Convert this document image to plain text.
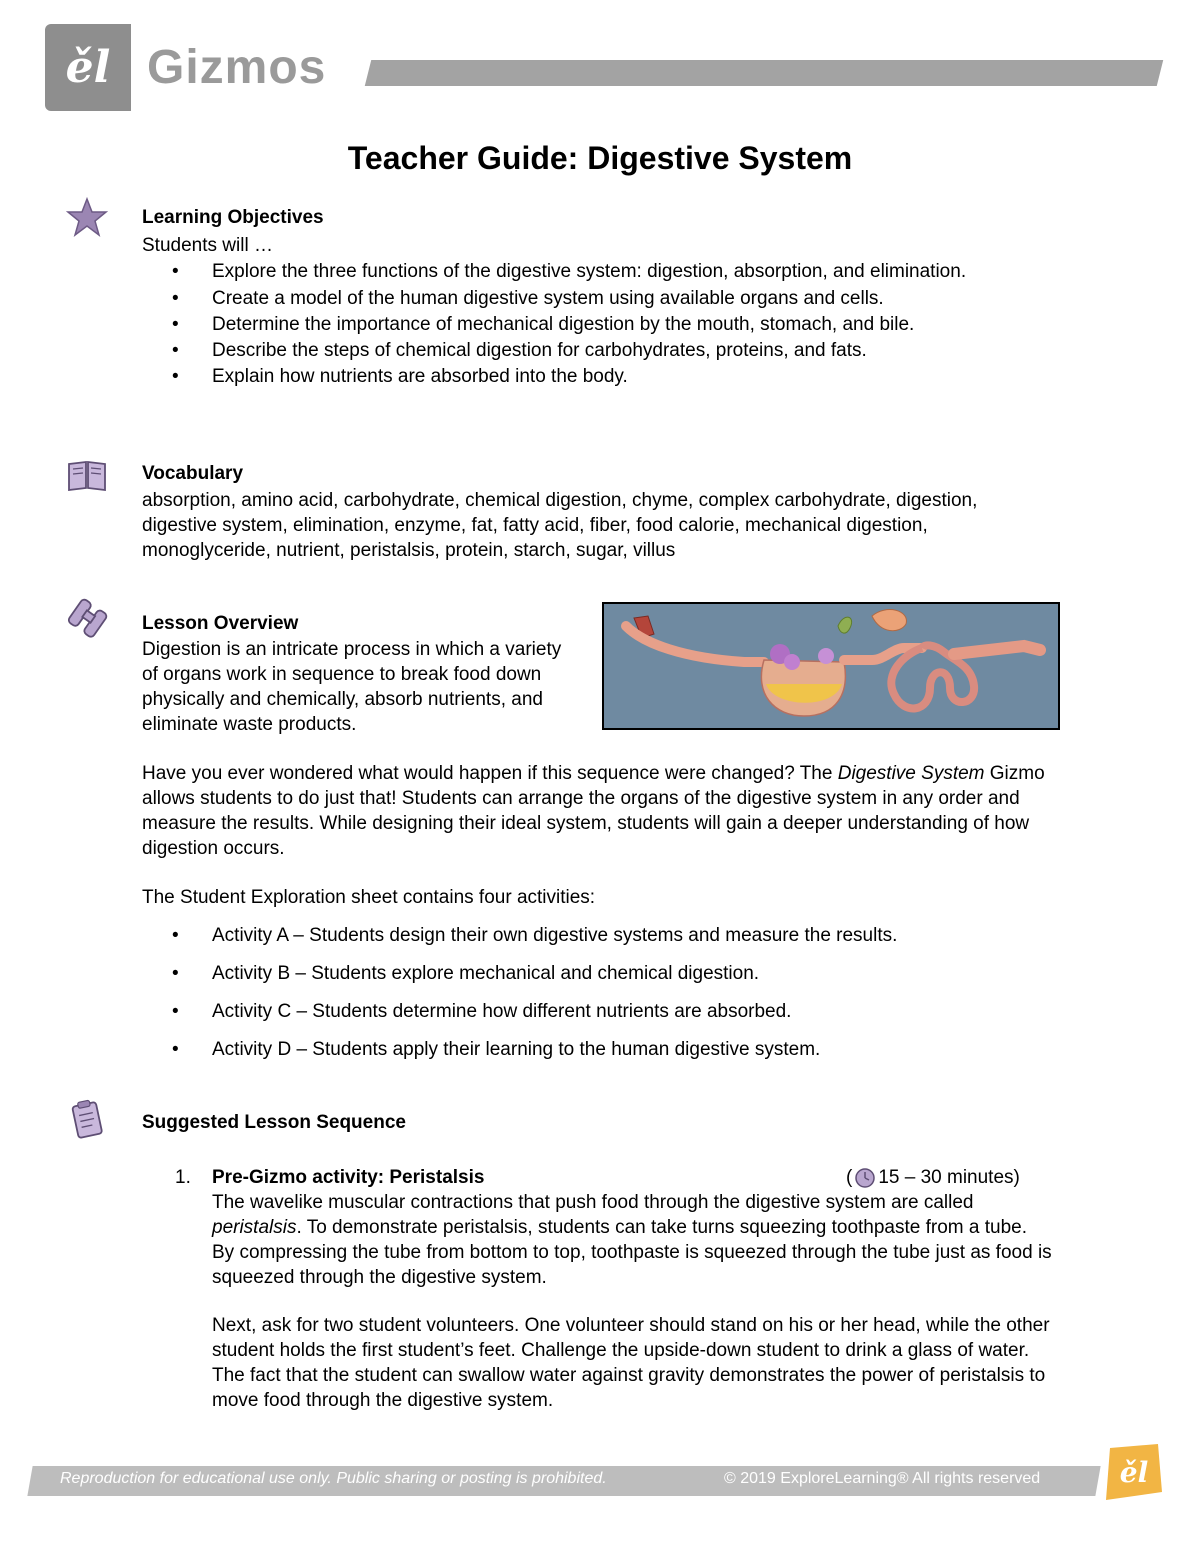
ěl Gizmos
Teacher Guide: Digestive System
Learning Objectives
Students will …
• Explore the three functions of the digestive system: digestion, absorption, and elimination.
• Create a model of the human digestive system using available organs and cells.
• Determine the importance of mechanical digestion by the mouth, stomach, and bile.
• Describe the steps of chemical digestion for carbohydrates, proteins, and fats.
• Explain how nutrients are absorbed into the body.
Vocabulary
absorption, amino acid, carbohydrate, chemical digestion, chyme, complex carbohydrate, digestion, digestive system, elimination, enzyme, fat, fatty acid, fiber, food calorie, mechanical digestion, monoglyceride, nutrient, peristalsis, protein, starch, sugar, villus
Lesson Overview
Digestion is an intricate process in which a variety of organs work in sequence to break food down physically and chemically, absorb nutrients, and eliminate waste products.
Have you ever wondered what would happen if this sequence were changed? The Digestive System Gizmo allows students to do just that! Students can arrange the organs of the digestive system in any order and measure the results. While designing their ideal system, students will gain a deeper understanding of how digestion occurs.
The Student Exploration sheet contains four activities:
• Activity A – Students design their own digestive systems and measure the results.
• Activity B – Students explore mechanical and chemical digestion.
• Activity C – Students determine how different nutrients are absorbed.
• Activity D – Students apply their learning to the human digestive system.
Suggested Lesson Sequence
1. Pre-Gizmo activity: Peristalsis	( 15 – 30 minutes)
The wavelike muscular contractions that push food through the digestive system are called peristalsis. To demonstrate peristalsis, students can take turns squeezing toothpaste from a tube. By compressing the tube from bottom to top, toothpaste is squeezed through the tube just as food is squeezed through the digestive system.
Next, ask for two student volunteers. One volunteer should stand on his or her head, while the other student holds the first student’s feet. Challenge the upside-down student to drink a glass of water. The fact that the student can swallow water against gravity demonstrates the power of peristalsis to move food through the digestive system.
Reproduction for educational use only. Public sharing or posting is prohibited.	© 2019 ExploreLearning® All rights reserved	ěl
